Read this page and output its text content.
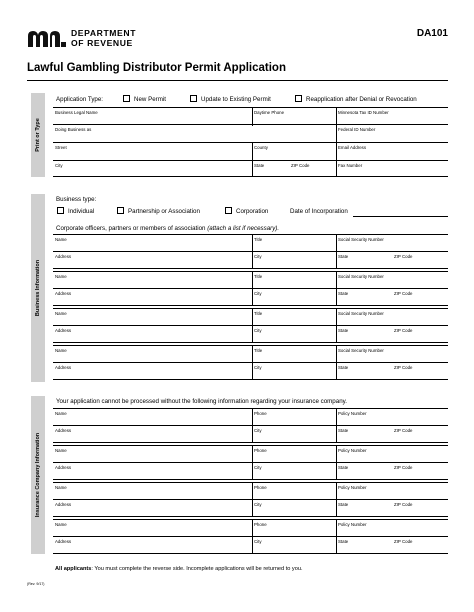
DEPARTMENT
OF REVENUE
DA101
Lawful Gambling Distributor Permit Application
Print or Type
Application Type:	New Permit	Update to Existing Permit	Reapplication after Denial or Revocation
Business Legal Name	Daytime Phone	Minnesota Tax ID Number
Doing Business as	Federal ID Number
Street	County	Email Address
City	State	ZIP Code	Fax Number
Business Information
Business type:
Individual	Partnership or Association	Corporation	Date of Incorporation
Corporate officers, partners or members of association (attach a list if necessary).
Name	Title	Social Security Number
Address	City	State	ZIP Code
Name	Title	Social Security Number
Address	City	State	ZIP Code
Name	Title	Social Security Number
Address	City	State	ZIP Code
Name	Title	Social Security Number
Address	City	State	ZIP Code
Insurance Company Information
Your application cannot be processed without the following information regarding your insurance company.
Name	Phone	Policy Number
Address	City	State	ZIP Code
Name	Phone	Policy Number
Address	City	State	ZIP Code
Name	Phone	Policy Number
Address	City	State	ZIP Code
Name	Phone	Policy Number
Address	City	State	ZIP Code
All applicants: You must complete the reverse side. Incomplete applications will be returned to you.
(Rev. 9/17)
